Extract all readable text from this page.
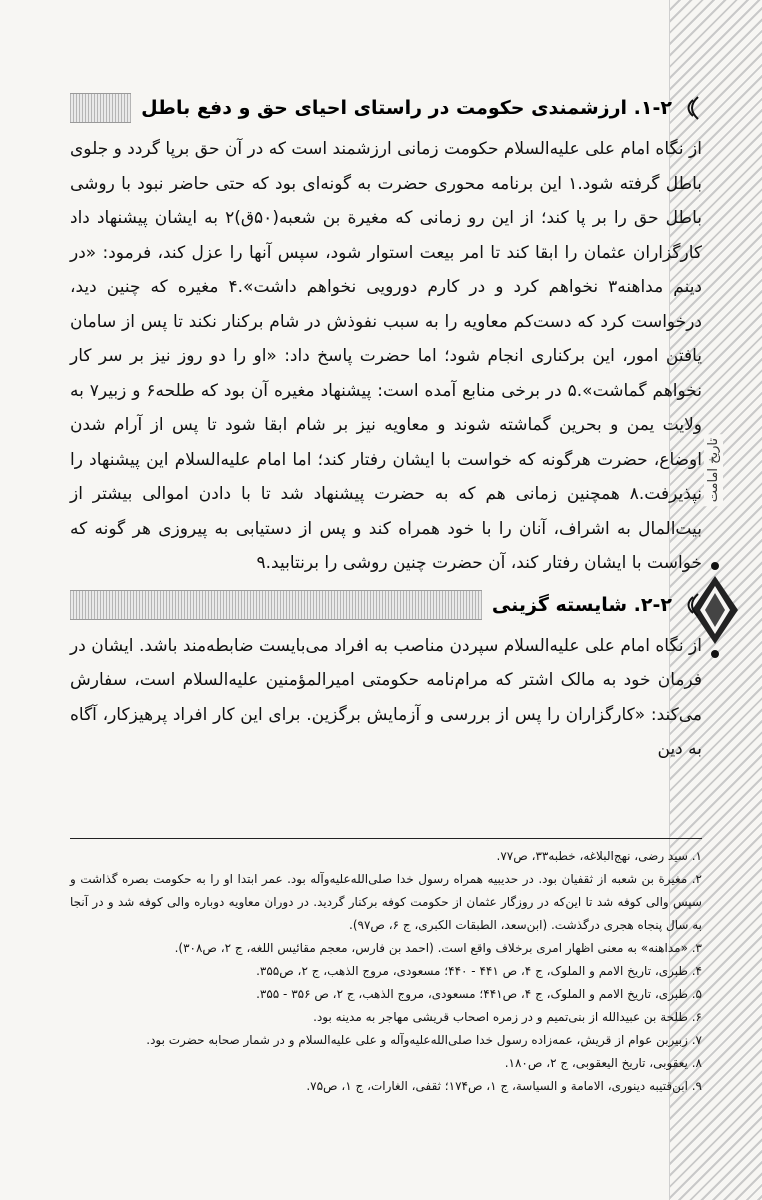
تاریخ امامت
۱-۲. ارزشمندی حکومت در راستای احیای حق و دفع باطل

از نگاه امام علی علیه‌السلام حکومت زمانی ارزشمند است که در آن حق برپا گردد و جلوی باطل گرفته شود.۱ این برنامه محوری حضرت به گونه‌ای بود که حتی حاضر نبود با روشی باطل حق را بر پا کند؛ از این رو زمانی که مغیرة بن شعبه(۵۰ق)۲ به ایشان پیشنهاد داد کارگزاران عثمان را ابقا کند تا امر بیعت استوار شود، سپس آنها را عزل کند، فرمود: «در دینم مداهنه۳ نخواهم کرد و در کارم دورویی نخواهم داشت».۴ مغیره که چنین دید، درخواست کرد که دست‌کم معاویه را به سبب نفوذش در شام برکنار نکند تا پس از سامان یافتن امور، این برکناری انجام شود؛ اما حضرت پاسخ داد: «او را دو روز نیز بر سر کار نخواهم گماشت».۵ در برخی منابع آمده است: پیشنهاد مغیره آن بود که طلحه۶ و زبیر۷ به ولایت یمن و بحرین گماشته شوند و معاویه نیز بر شام ابقا شود تا پس از آرام شدن اوضاع، حضرت هرگونه که خواست با ایشان رفتار کند؛ اما امام علیه‌السلام این پیشنهاد را نپذیرفت.۸ همچنین زمانی هم که به حضرت پیشنهاد شد تا با دادن اموالی بیشتر از بیت‌المال به اشراف، آنان را با خود همراه کند و پس از دستیابی به پیروزی هر گونه که خواست با ایشان رفتار کند، آن حضرت چنین روشی را برنتابید.۹

۲-۲. شایسته گزینی

از نگاه امام علی علیه‌السلام سپردن مناصب به افراد می‌بایست ضابطه‌مند باشد. ایشان در فرمان خود به مالک اشتر که مرام‌نامه حکومتی امیرالمؤمنین علیه‌السلام است، سفارش می‌کند: «کارگزاران را پس از بررسی و آزمایش برگزین. برای این کار افراد پرهیزکار، آگاه به دین

۱. سید رضی، نهج‌البلاغه، خطبه۳۳، ص۷۷.

۲. مغیرة بن شعبه از ثقفیان بود. در حدیبیه همراه رسول خدا صلی‌الله‌علیه‌وآله بود. عمر ابتدا او را به حکومت بصره گذاشت و سپس والی کوفه شد تا این‌که در روزگار عثمان از حکومت کوفه برکنار گردید. در دوران معاویه دوباره والی کوفه شد و در آنجا به سال پنجاه هجری درگذشت. (ابن‌سعد، الطبقات الکبری، ج ۶، ص۹۷).

۳. «مداهنه» به معنی اظهار امری برخلاف واقع است. (احمد بن فارس، معجم مقائیس اللغه، ج ۲، ص۳۰۸).

۴. طبری، تاریخ الامم و الملوک، ج ۴، ص ۴۴۱ - ۴۴۰؛ مسعودی، مروج الذهب، ج ۲، ص۳۵۵.

۵. طبری، تاریخ الامم و الملوک، ج ۴، ص۴۴۱؛ مسعودی، مروج الذهب، ج ۲، ص ۳۵۶ - ۳۵۵.

۶. طلحة بن عبیدالله از بنی‌تمیم و در زمره اصحاب قریشی مهاجر به مدینه بود.

۷. زبیربن عوام از قریش، عمه‌زاده رسول خدا صلی‌الله‌علیه‌وآله و علی علیه‌السلام و در شمار صحابه حضرت بود.

۸. یعقوبی، تاریخ الیعقوبی، ج ۲، ص۱۸۰.

۹. ابن‌قتیبه دینوری، الامامة و السیاسة، ج ۱، ص۱۷۴؛ ثقفی، الغارات، ج ۱، ص۷۵.
